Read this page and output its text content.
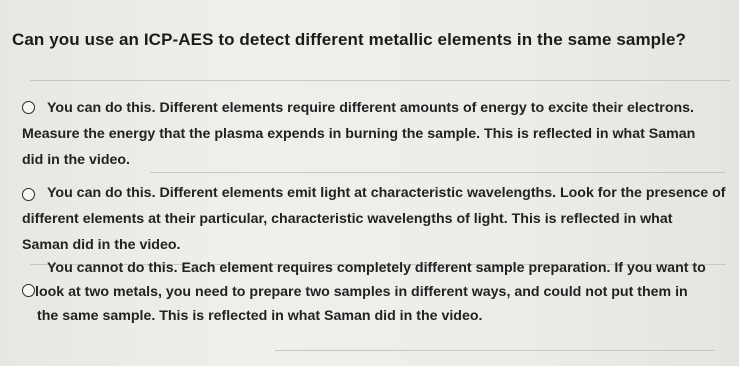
Can you use an ICP-AES to detect different metallic elements in the same sample?
You can do this. Different elements require different amounts of energy to excite their electrons.
Measure the energy that the plasma expends in burning the sample. This is reflected in what Saman
did in the video.
You can do this. Different elements emit light at characteristic wavelengths. Look for the presence of
different elements at their particular, characteristic wavelengths of light. This is reflected in what
Saman did in the video.
You cannot do this. Each element requires completely different sample preparation. If you want to
look at two metals, you need to prepare two samples in different ways, and could not put them in
the same sample. This is reflected in what Saman did in the video.
